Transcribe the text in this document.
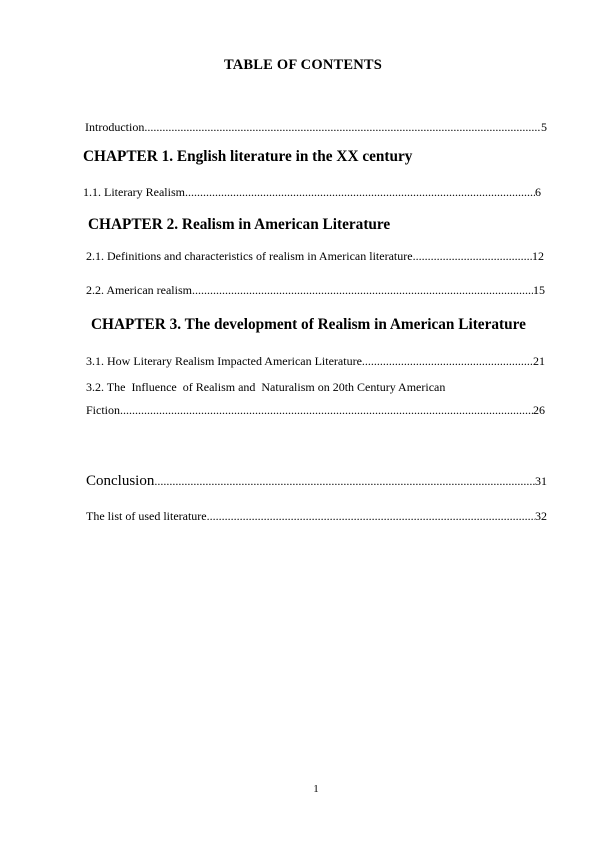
TABLE OF CONTENTS
Introduction .....	5
CHAPTER 1. English literature in the XX century
1.1. Literary Realism .....	6
CHAPTER 2. Realism in American Literature
2.1. Definitions and characteristics of realism in American literature .....	12
2.2. American realism .....	15
CHAPTER 3. The development of Realism in American Literature
3.1. How Literary Realism Impacted American Literature .....	21
3.2. The  Influence  of Realism and  Naturalism on 20th Century American
Fiction .....	26
Conclusion .....	31
The list of used literature .....	32
1
